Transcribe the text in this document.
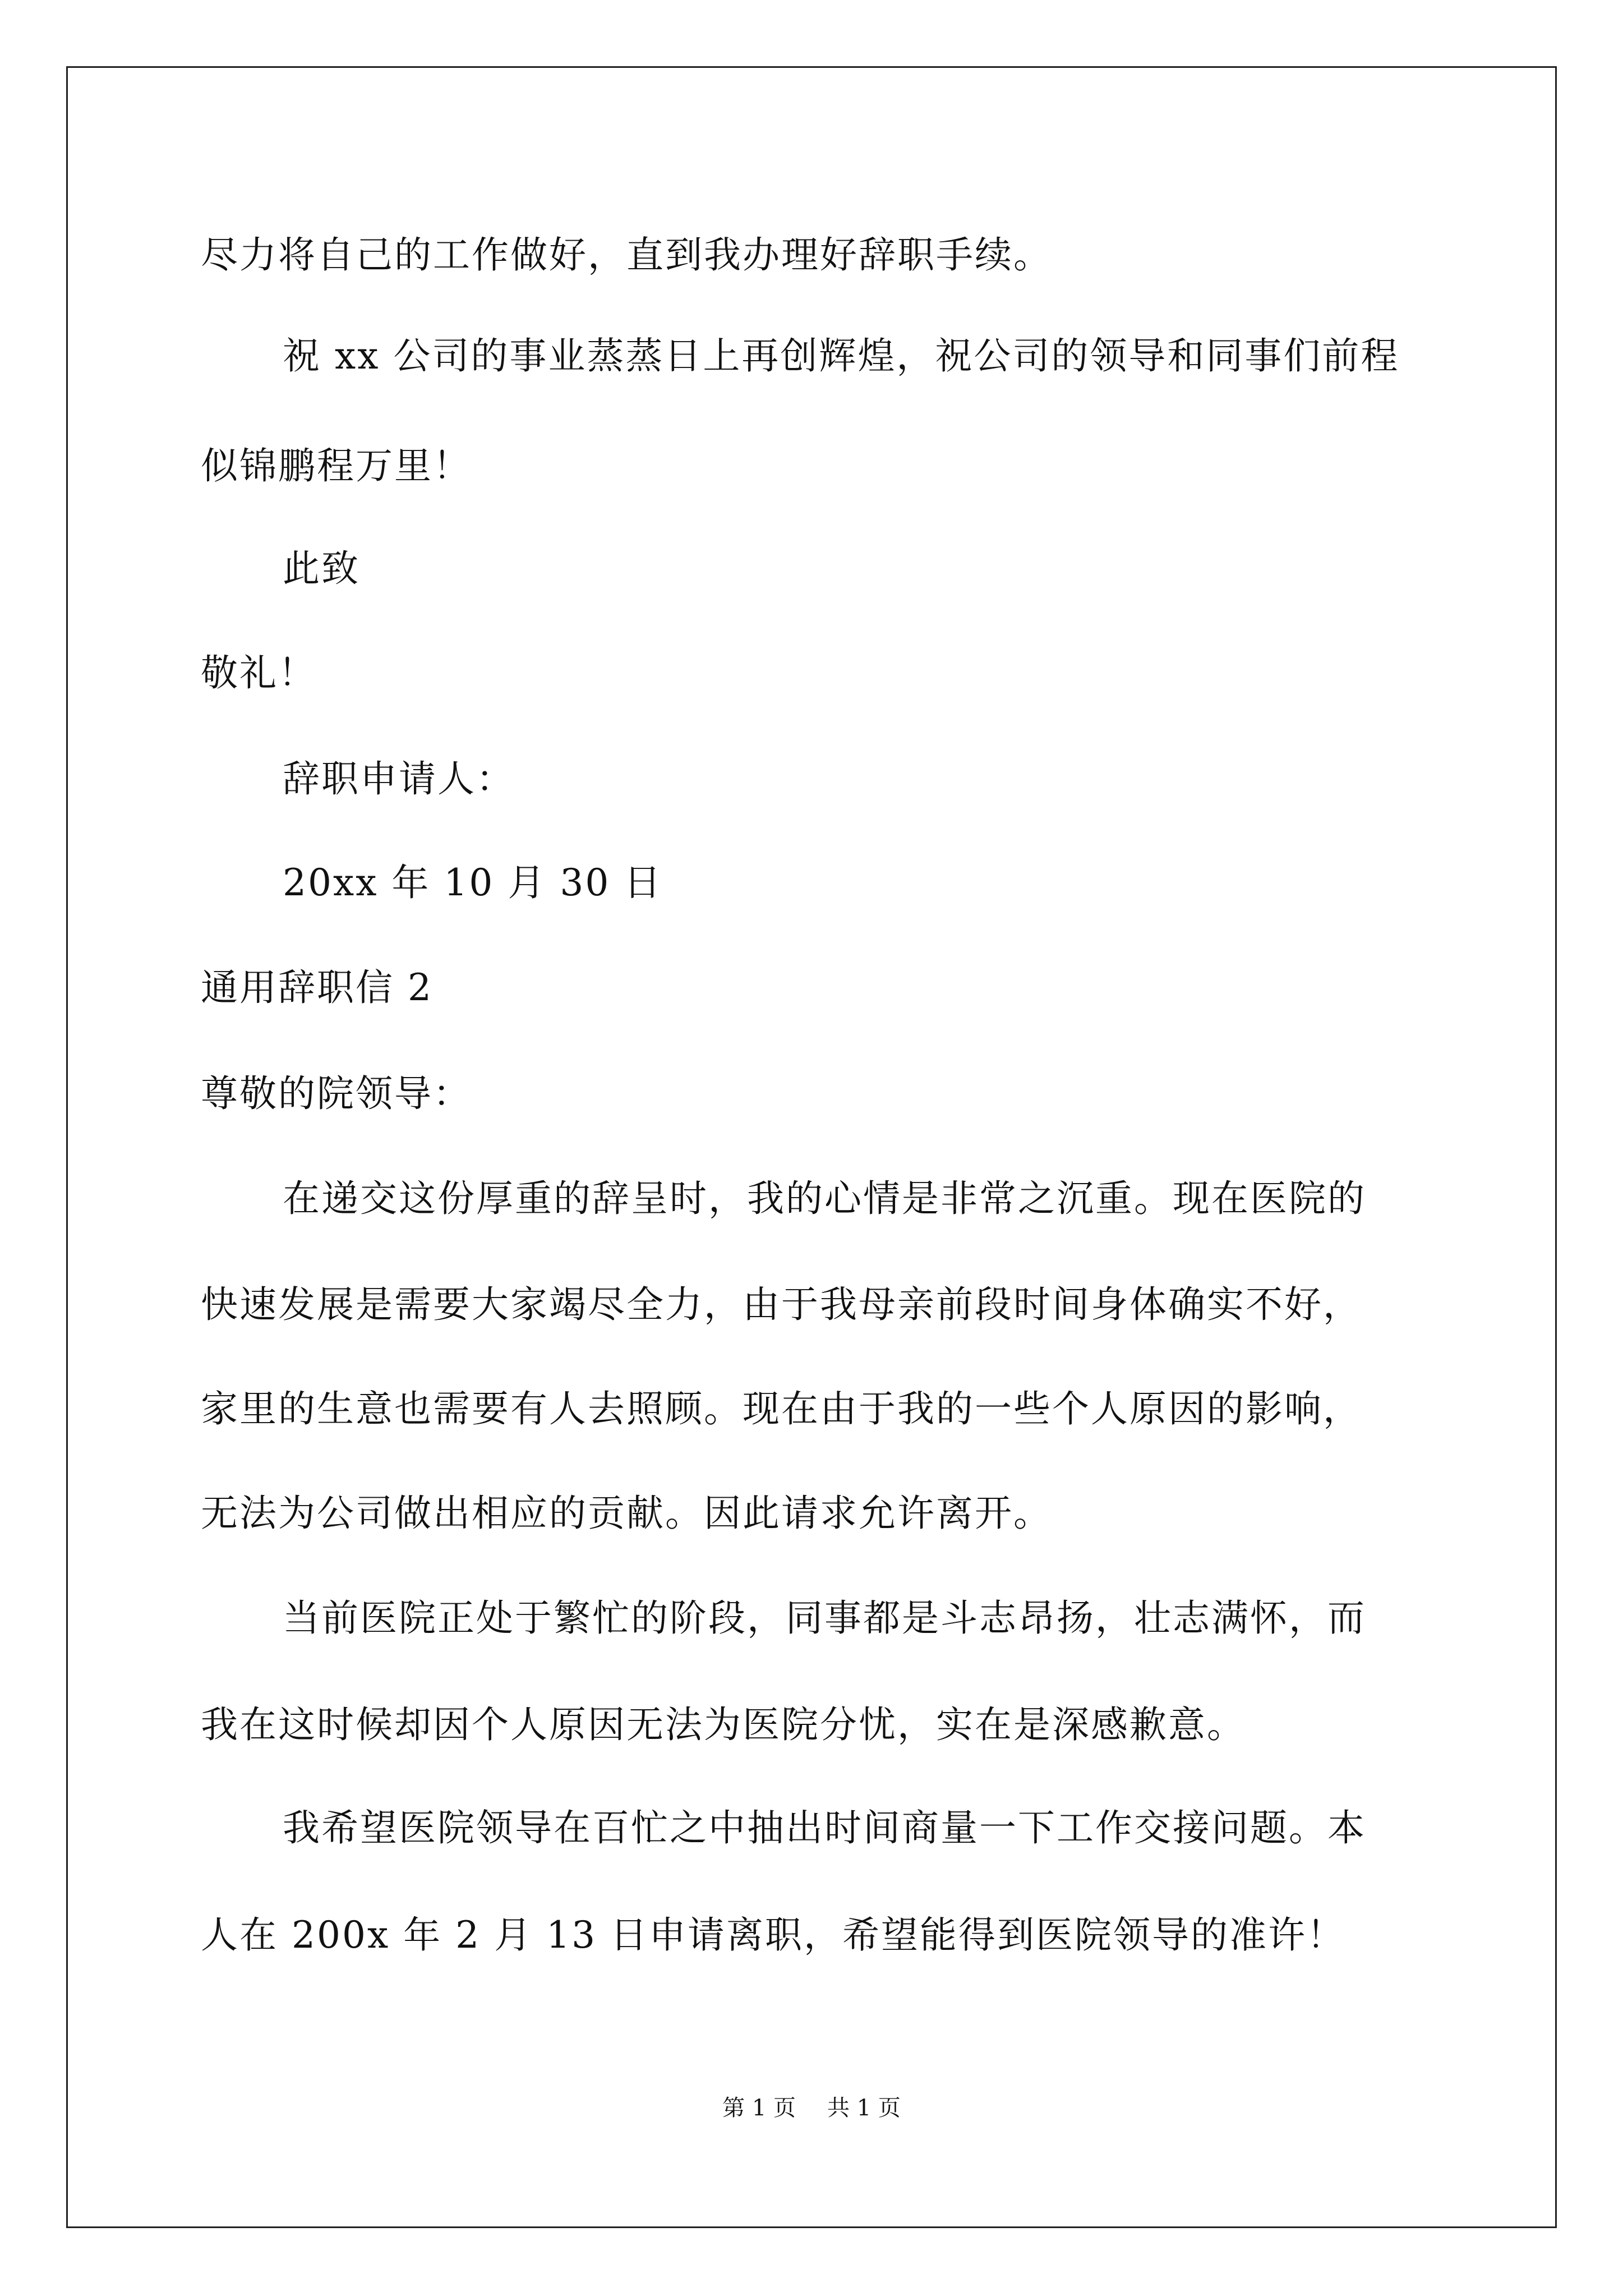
尽力将自己的工作做好，直到我办理好辞职手续。
祝 xx 公司的事业蒸蒸日上再创辉煌，祝公司的领导和同事们前程
似锦鹏程万里！
此致
敬礼！
辞职申请人：
20xx 年 10 月 30 日
通用辞职信 2
尊敬的院领导：
在递交这份厚重的辞呈时，我的心情是非常之沉重。现在医院的
快速发展是需要大家竭尽全力，由于我母亲前段时间身体确实不好，
家里的生意也需要有人去照顾。现在由于我的一些个人原因的影响，
无法为公司做出相应的贡献。因此请求允许离开。
当前医院正处于繁忙的阶段，同事都是斗志昂扬，壮志满怀，而
我在这时候却因个人原因无法为医院分忧，实在是深感歉意。
我希望医院领导在百忙之中抽出时间商量一下工作交接问题。本
人在 200x 年 2 月 13 日申请离职，希望能得到医院领导的准许！
第 1 页 共 1 页
